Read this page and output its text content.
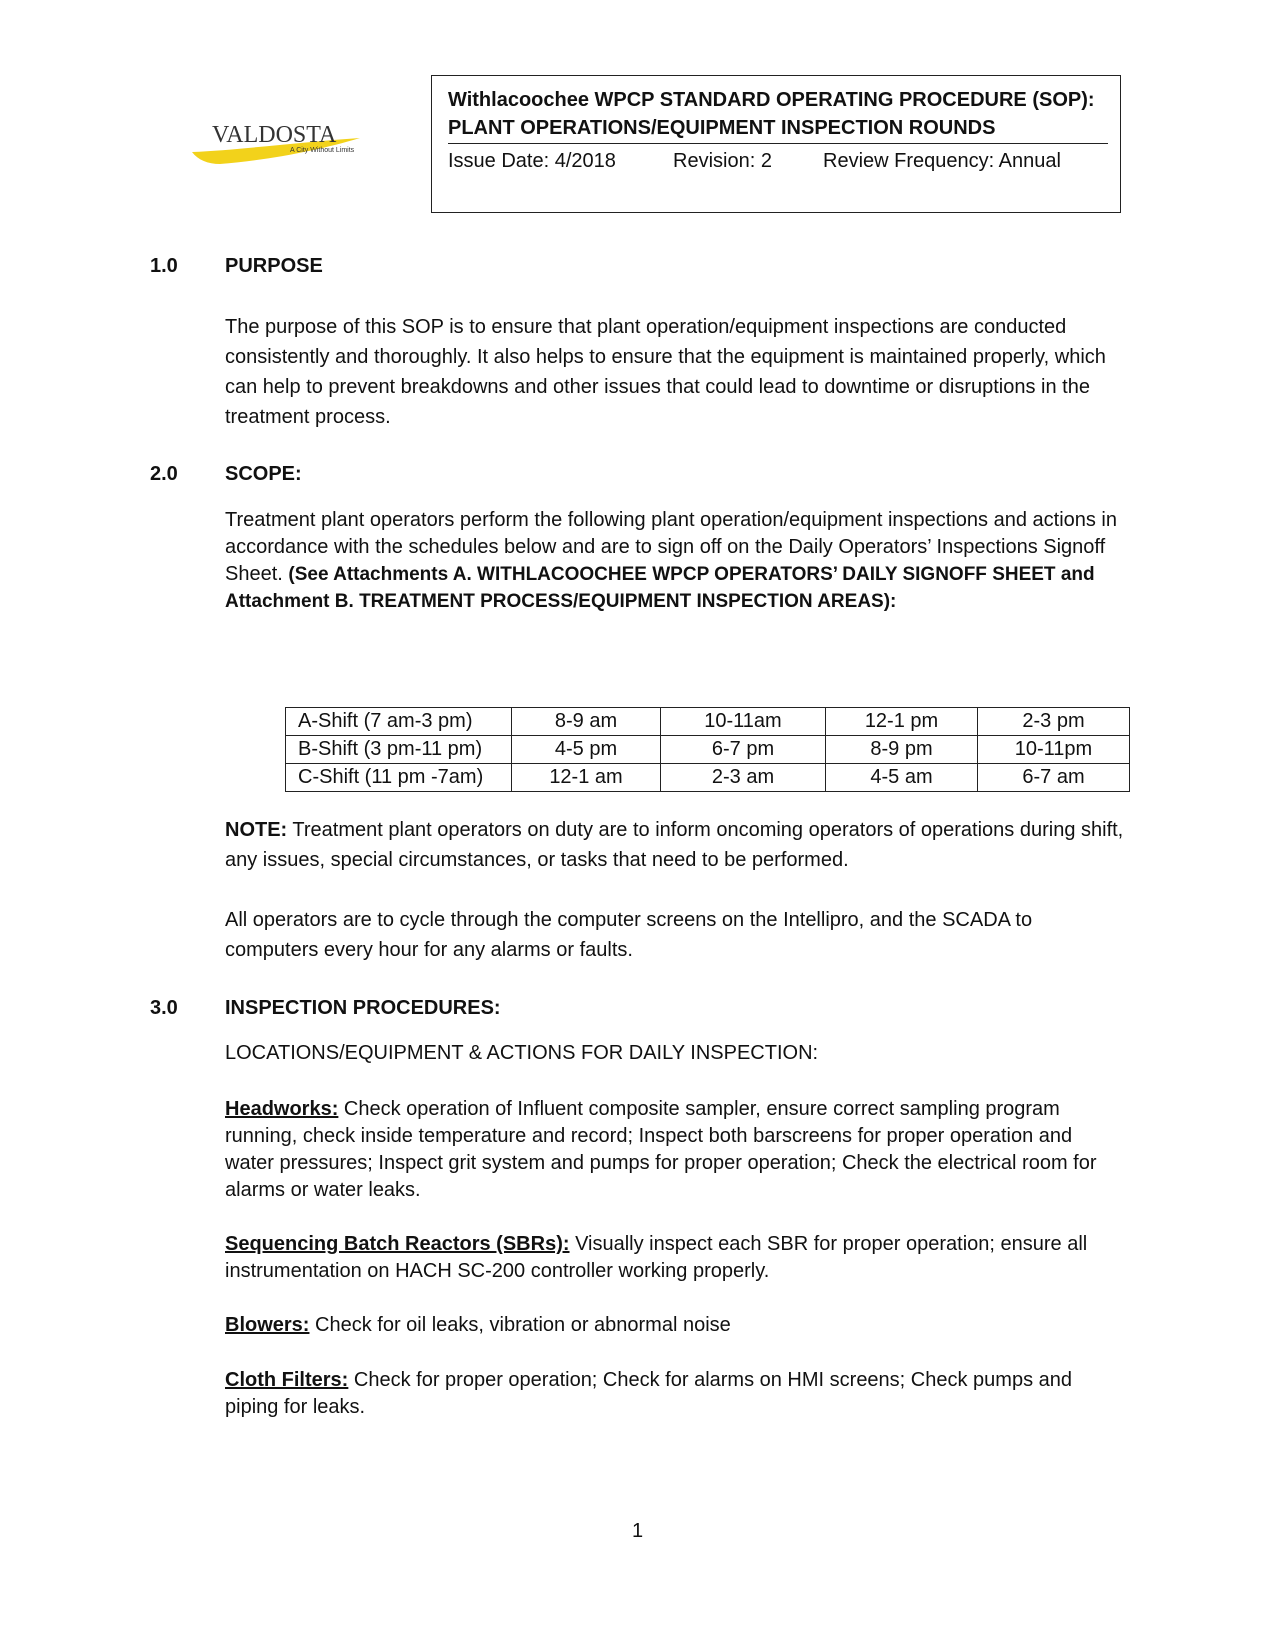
VALDOSTA
A City Without Limits
Withlacoochee WPCP STANDARD OPERATING PROCEDURE (SOP):
PLANT OPERATIONS/EQUIPMENT INSPECTION ROUNDS
Issue Date: 4/2018	Revision: 2	Review Frequency: Annual
1.0 PURPOSE
The purpose of this SOP is to ensure that plant operation/equipment inspections are conducted consistently and thoroughly. It also helps to ensure that the equipment is maintained properly, which can help to prevent breakdowns and other issues that could lead to downtime or disruptions in the treatment process.
2.0 SCOPE:
Treatment plant operators perform the following plant operation/equipment inspections and actions in accordance with the schedules below and are to sign off on the Daily Operators’ Inspections Signoff Sheet. (See Attachments A. WITHLACOOCHEE WPCP OPERATORS’ DAILY SIGNOFF SHEET and Attachment B. TREATMENT PROCESS/EQUIPMENT INSPECTION AREAS):
A-Shift (7 am-3 pm)	8-9 am	10-11am	12-1 pm	2-3 pm
B-Shift (3 pm-11 pm)	4-5 pm	6-7 pm	8-9 pm	10-11pm
C-Shift (11 pm -7am)	12-1 am	2-3 am	4-5 am	6-7 am
NOTE: Treatment plant operators on duty are to inform oncoming operators of operations during shift, any issues, special circumstances, or tasks that need to be performed.
All operators are to cycle through the computer screens on the Intellipro, and the SCADA to computers every hour for any alarms or faults.
3.0 INSPECTION PROCEDURES:
LOCATIONS/EQUIPMENT & ACTIONS FOR DAILY INSPECTION:
Headworks: Check operation of Influent composite sampler, ensure correct sampling program running, check inside temperature and record; Inspect both barscreens for proper operation and water pressures; Inspect grit system and pumps for proper operation; Check the electrical room for alarms or water leaks.
Sequencing Batch Reactors (SBRs): Visually inspect each SBR for proper operation; ensure all instrumentation on HACH SC-200 controller working properly.
Blowers: Check for oil leaks, vibration or abnormal noise
Cloth Filters: Check for proper operation; Check for alarms on HMI screens; Check pumps and piping for leaks.
1
